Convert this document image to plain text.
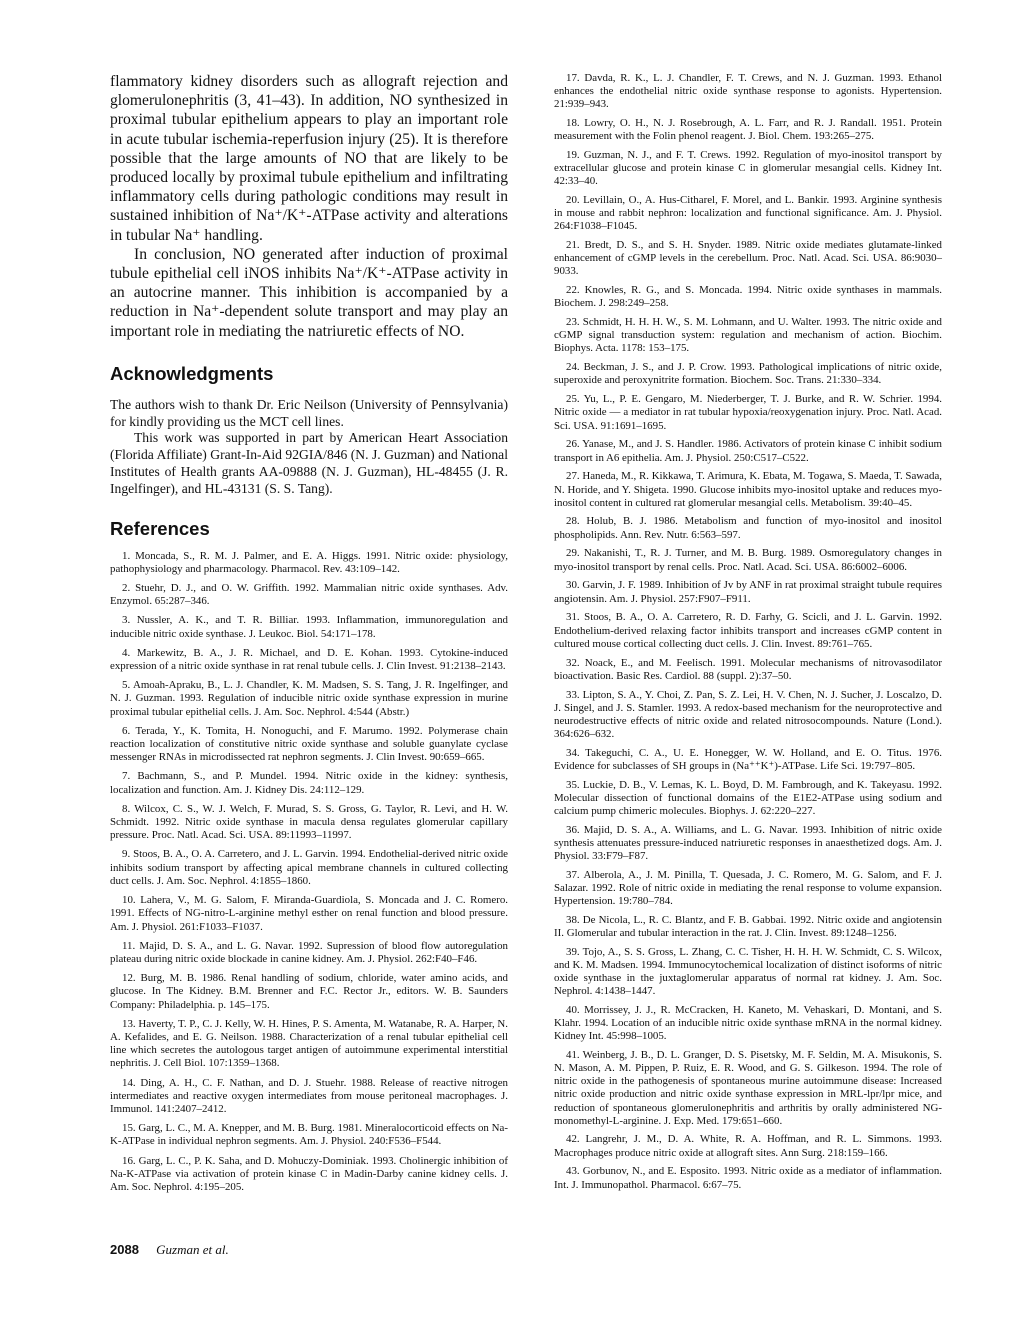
flammatory kidney disorders such as allograft rejection and glomerulonephritis (3, 41–43). In addition, NO synthesized in proximal tubular epithelium appears to play an important role in acute tubular ischemia-reperfusion injury (25). It is therefore possible that the large amounts of NO that are likely to be produced locally by proximal tubule epithelium and infiltrating inflammatory cells during pathologic conditions may result in sustained inhibition of Na⁺/K⁺-ATPase activity and alterations in tubular Na⁺ handling.

In conclusion, NO generated after induction of proximal tubule epithelial cell iNOS inhibits Na⁺/K⁺-ATPase activity in an autocrine manner. This inhibition is accompanied by a reduction in Na⁺-dependent solute transport and may play an important role in mediating the natriuretic effects of NO.

Acknowledgments

The authors wish to thank Dr. Eric Neilson (University of Pennsylvania) for kindly providing us the MCT cell lines.

This work was supported in part by American Heart Association (Florida Affiliate) Grant-In-Aid 92GIA/846 (N. J. Guzman) and National Institutes of Health grants AA-09888 (N. J. Guzman), HL-48455 (J. R. Ingelfinger), and HL-43131 (S. S. Tang).

References

1. Moncada, S., R. M. J. Palmer, and E. A. Higgs. 1991. Nitric oxide: physiology, pathophysiology and pharmacology. Pharmacol. Rev. 43:109–142.

2. Stuehr, D. J., and O. W. Griffith. 1992. Mammalian nitric oxide synthases. Adv. Enzymol. 65:287–346.

3. Nussler, A. K., and T. R. Billiar. 1993. Inflammation, immunoregulation and inducible nitric oxide synthase. J. Leukoc. Biol. 54:171–178.

4. Markewitz, B. A., J. R. Michael, and D. E. Kohan. 1993. Cytokine-induced expression of a nitric oxide synthase in rat renal tubule cells. J. Clin Invest. 91:2138–2143.

5. Amoah-Apraku, B., L. J. Chandler, K. M. Madsen, S. S. Tang, J. R. Ingelfinger, and N. J. Guzman. 1993. Regulation of inducible nitric oxide synthase expression in murine proximal tubular epithelial cells. J. Am. Soc. Nephrol. 4:544 (Abstr.)

6. Terada, Y., K. Tomita, H. Nonoguchi, and F. Marumo. 1992. Polymerase chain reaction localization of constitutive nitric oxide synthase and soluble guanylate cyclase messenger RNAs in microdissected rat nephron segments. J. Clin Invest. 90:659–665.

7. Bachmann, S., and P. Mundel. 1994. Nitric oxide in the kidney: synthesis, localization and function. Am. J. Kidney Dis. 24:112–129.

8. Wilcox, C. S., W. J. Welch, F. Murad, S. S. Gross, G. Taylor, R. Levi, and H. W. Schmidt. 1992. Nitric oxide synthase in macula densa regulates glomerular capillary pressure. Proc. Natl. Acad. Sci. USA. 89:11993–11997.

9. Stoos, B. A., O. A. Carretero, and J. L. Garvin. 1994. Endothelial-derived nitric oxide inhibits sodium transport by affecting apical membrane channels in cultured collecting duct cells. J. Am. Soc. Nephrol. 4:1855–1860.

10. Lahera, V., M. G. Salom, F. Miranda-Guardiola, S. Moncada and J. C. Romero. 1991. Effects of NG-nitro-L-arginine methyl esther on renal function and blood pressure. Am. J. Physiol. 261:F1033–F1037.

11. Majid, D. S. A., and L. G. Navar. 1992. Supression of blood flow autoregulation plateau during nitric oxide blockade in canine kidney. Am. J. Physiol. 262:F40–F46.

12. Burg, M. B. 1986. Renal handling of sodium, chloride, water amino acids, and glucose. In The Kidney. B.M. Brenner and F.C. Rector Jr., editors. W. B. Saunders Company: Philadelphia. p. 145–175.

13. Haverty, T. P., C. J. Kelly, W. H. Hines, P. S. Amenta, M. Watanabe, R. A. Harper, N. A. Kefalides, and E. G. Neilson. 1988. Characterization of a renal tubular epithelial cell line which secretes the autologous target antigen of autoimmune experimental interstitial nephritis. J. Cell Biol. 107:1359–1368.

14. Ding, A. H., C. F. Nathan, and D. J. Stuehr. 1988. Release of reactive nitrogen intermediates and reactive oxygen intermediates from mouse peritoneal macrophages. J. Immunol. 141:2407–2412.

15. Garg, L. C., M. A. Knepper, and M. B. Burg. 1981. Mineralocorticoid effects on Na-K-ATPase in individual nephron segments. Am. J. Physiol. 240:F536–F544.

16. Garg, L. C., P. K. Saha, and D. Mohuczy-Dominiak. 1993. Cholinergic inhibition of Na-K-ATPase via activation of protein kinase C in Madin-Darby canine kidney cells. J. Am. Soc. Nephrol. 4:195–205.

17. Davda, R. K., L. J. Chandler, F. T. Crews, and N. J. Guzman. 1993. Ethanol enhances the endothelial nitric oxide synthase response to agonists. Hypertension. 21:939–943.

18. Lowry, O. H., N. J. Rosebrough, A. L. Farr, and R. J. Randall. 1951. Protein measurement with the Folin phenol reagent. J. Biol. Chem. 193:265–275.

19. Guzman, N. J., and F. T. Crews. 1992. Regulation of myo-inositol transport by extracellular glucose and protein kinase C in glomerular mesangial cells. Kidney Int. 42:33–40.

20. Levillain, O., A. Hus-Citharel, F. Morel, and L. Bankir. 1993. Arginine synthesis in mouse and rabbit nephron: localization and functional significance. Am. J. Physiol. 264:F1038–F1045.

21. Bredt, D. S., and S. H. Snyder. 1989. Nitric oxide mediates glutamate-linked enhancement of cGMP levels in the cerebellum. Proc. Natl. Acad. Sci. USA. 86:9030–9033.

22. Knowles, R. G., and S. Moncada. 1994. Nitric oxide synthases in mammals. Biochem. J. 298:249–258.

23. Schmidt, H. H. H. W., S. M. Lohmann, and U. Walter. 1993. The nitric oxide and cGMP signal transduction system: regulation and mechanism of action. Biochim. Biophys. Acta. 1178: 153–175.

24. Beckman, J. S., and J. P. Crow. 1993. Pathological implications of nitric oxide, superoxide and peroxynitrite formation. Biochem. Soc. Trans. 21:330–334.

25. Yu, L., P. E. Gengaro, M. Niederberger, T. J. Burke, and R. W. Schrier. 1994. Nitric oxide — a mediator in rat tubular hypoxia/reoxygenation injury. Proc. Natl. Acad. Sci. USA. 91:1691–1695.

26. Yanase, M., and J. S. Handler. 1986. Activators of protein kinase C inhibit sodium transport in A6 epithelia. Am. J. Physiol. 250:C517–C522.

27. Haneda, M., R. Kikkawa, T. Arimura, K. Ebata, M. Togawa, S. Maeda, T. Sawada, N. Horide, and Y. Shigeta. 1990. Glucose inhibits myo-inositol uptake and reduces myo-inositol content in cultured rat glomerular mesangial cells. Metabolism. 39:40–45.

28. Holub, B. J. 1986. Metabolism and function of myo-inositol and inositol phospholipids. Ann. Rev. Nutr. 6:563–597.

29. Nakanishi, T., R. J. Turner, and M. B. Burg. 1989. Osmoregulatory changes in myo-inositol transport by renal cells. Proc. Natl. Acad. Sci. USA. 86:6002–6006.

30. Garvin, J. F. 1989. Inhibition of Jv by ANF in rat proximal straight tubule requires angiotensin. Am. J. Physiol. 257:F907–F911.

31. Stoos, B. A., O. A. Carretero, R. D. Farhy, G. Scicli, and J. L. Garvin. 1992. Endothelium-derived relaxing factor inhibits transport and increases cGMP content in cultured mouse cortical collecting duct cells. J. Clin. Invest. 89:761–765.

32. Noack, E., and M. Feelisch. 1991. Molecular mechanisms of nitrovasodilator bioactivation. Basic Res. Cardiol. 88 (suppl. 2):37–50.

33. Lipton, S. A., Y. Choi, Z. Pan, S. Z. Lei, H. V. Chen, N. J. Sucher, J. Loscalzo, D. J. Singel, and J. S. Stamler. 1993. A redox-based mechanism for the neuroprotective and neurodestructive effects of nitric oxide and related nitrosocompounds. Nature (Lond.). 364:626–632.

34. Takeguchi, C. A., U. E. Honegger, W. W. Holland, and E. O. Titus. 1976. Evidence for subclasses of SH groups in (Na⁺⁺K⁺)-ATPase. Life Sci. 19:797–805.

35. Luckie, D. B., V. Lemas, K. L. Boyd, D. M. Fambrough, and K. Takeyasu. 1992. Molecular dissection of functional domains of the E1E2-ATPase using sodium and calcium pump chimeric molecules. Biophys. J. 62:220–227.

36. Majid, D. S. A., A. Williams, and L. G. Navar. 1993. Inhibition of nitric oxide synthesis attenuates pressure-induced natriuretic responses in anaesthetized dogs. Am. J. Physiol. 33:F79–F87.

37. Alberola, A., J. M. Pinilla, T. Quesada, J. C. Romero, M. G. Salom, and F. J. Salazar. 1992. Role of nitric oxide in mediating the renal response to volume expansion. Hypertension. 19:780–784.

38. De Nicola, L., R. C. Blantz, and F. B. Gabbai. 1992. Nitric oxide and angiotensin II. Glomerular and tubular interaction in the rat. J. Clin. Invest. 89:1248–1256.

39. Tojo, A., S. S. Gross, L. Zhang, C. C. Tisher, H. H. H. W. Schmidt, C. S. Wilcox, and K. M. Madsen. 1994. Immunocytochemical localization of distinct isoforms of nitric oxide synthase in the juxtaglomerular apparatus of normal rat kidney. J. Am. Soc. Nephrol. 4:1438–1447.

40. Morrissey, J. J., R. McCracken, H. Kaneto, M. Vehaskari, D. Montani, and S. Klahr. 1994. Location of an inducible nitric oxide synthase mRNA in the normal kidney. Kidney Int. 45:998–1005.

41. Weinberg, J. B., D. L. Granger, D. S. Pisetsky, M. F. Seldin, M. A. Misukonis, S. N. Mason, A. M. Pippen, P. Ruiz, E. R. Wood, and G. S. Gilkeson. 1994. The role of nitric oxide in the pathogenesis of spontaneous murine autoimmune disease: Increased nitric oxide production and nitric oxide synthase expression in MRL-lpr/lpr mice, and reduction of spontaneous glomerulonephritis and arthritis by orally administered NG-monomethyl-L-arginine. J. Exp. Med. 179:651–660.

42. Langrehr, J. M., D. A. White, R. A. Hoffman, and R. L. Simmons. 1993. Macrophages produce nitric oxide at allograft sites. Ann Surg. 218:159–166.

43. Gorbunov, N., and E. Esposito. 1993. Nitric oxide as a mediator of inflammation. Int. J. Immunopathol. Pharmacol. 6:67–75.

2088 Guzman et al.
